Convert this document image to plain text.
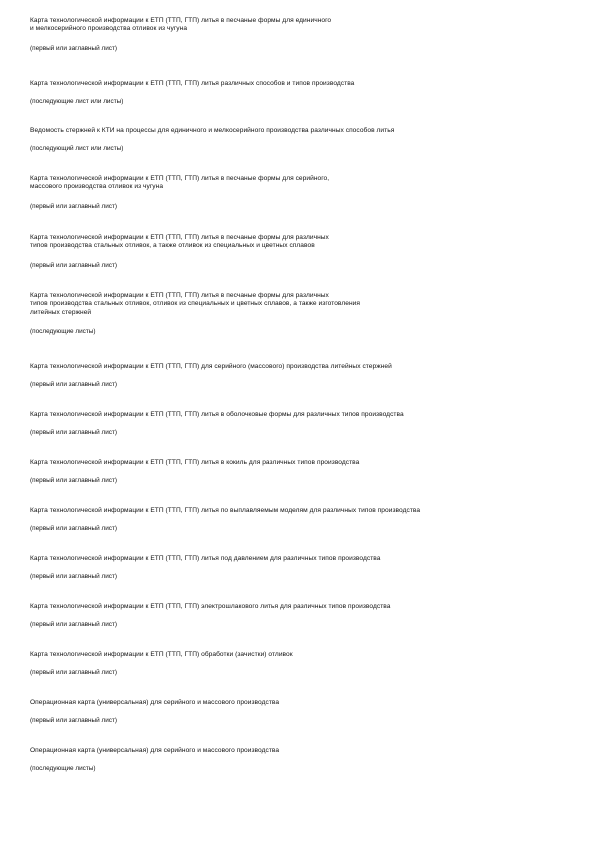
Карта технологической информации к ЕТП (ТТП, ГТП) литья в песчаные формы для единичного

и мелкосерийного производства отливок из чугуна

(первый или заглавный лист)

Карта технологической информации к ЕТП (ТТП, ГТП) литья различных способов и типов производства

(последующие лист или листы)

Ведомость стержней к КТИ на процессы для единичного и мелкосерийного производства различных способов литья

(последующий лист или листы)

Карта технологической информации к ЕТП (ТТП, ГТП) литья в песчаные формы для серийного,

массового производства отливок из чугуна

(первый или заглавный лист)

Карта технологической информации к ЕТП (ТТП, ГТП) литья в песчаные формы для различных

типов производства стальных отливок, а также отливок из специальных и цветных сплавов

(первый или заглавный лист)

Карта технологической информации к ЕТП (ТТП, ГТП) литья в песчаные формы для различных

типов производства стальных отливок, отливок из специальных и цветных сплавов, а также изготовления

литейных стержней

(последующие листы)

Карта технологической информации к ЕТП (ТТП, ГТП) для серийного (массового) производства литейных стержней

(первый или заглавный лист)

Карта технологической информации к ЕТП (ТТП, ГТП) литья в оболочковые формы для различных типов производства

(первый или заглавный лист)

Карта технологической информации к ЕТП (ТТП, ГТП) литья в кокиль для различных типов производства

(первый или заглавный лист)

Карта технологической информации к ЕТП (ТТП, ГТП) литья по выплавляемым моделям для различных типов производства

(первый или заглавный лист)

Карта технологической информации к ЕТП (ТТП, ГТП) литья под давлением для различных типов производства

(первый или заглавный лист)

Карта технологической информации к ЕТП (ТТП, ГТП) электрошлакового литья для различных типов производства

(первый или заглавный лист)

Карта технологической информации к ЕТП (ТТП, ГТП) обработки (зачистки) отливок

(первый или заглавный лист)

Операционная карта (универсальная) для серийного и массового производства

(первый или заглавный лист)

Операционная карта (универсальная) для серийного и массового производства

(последующие листы)
